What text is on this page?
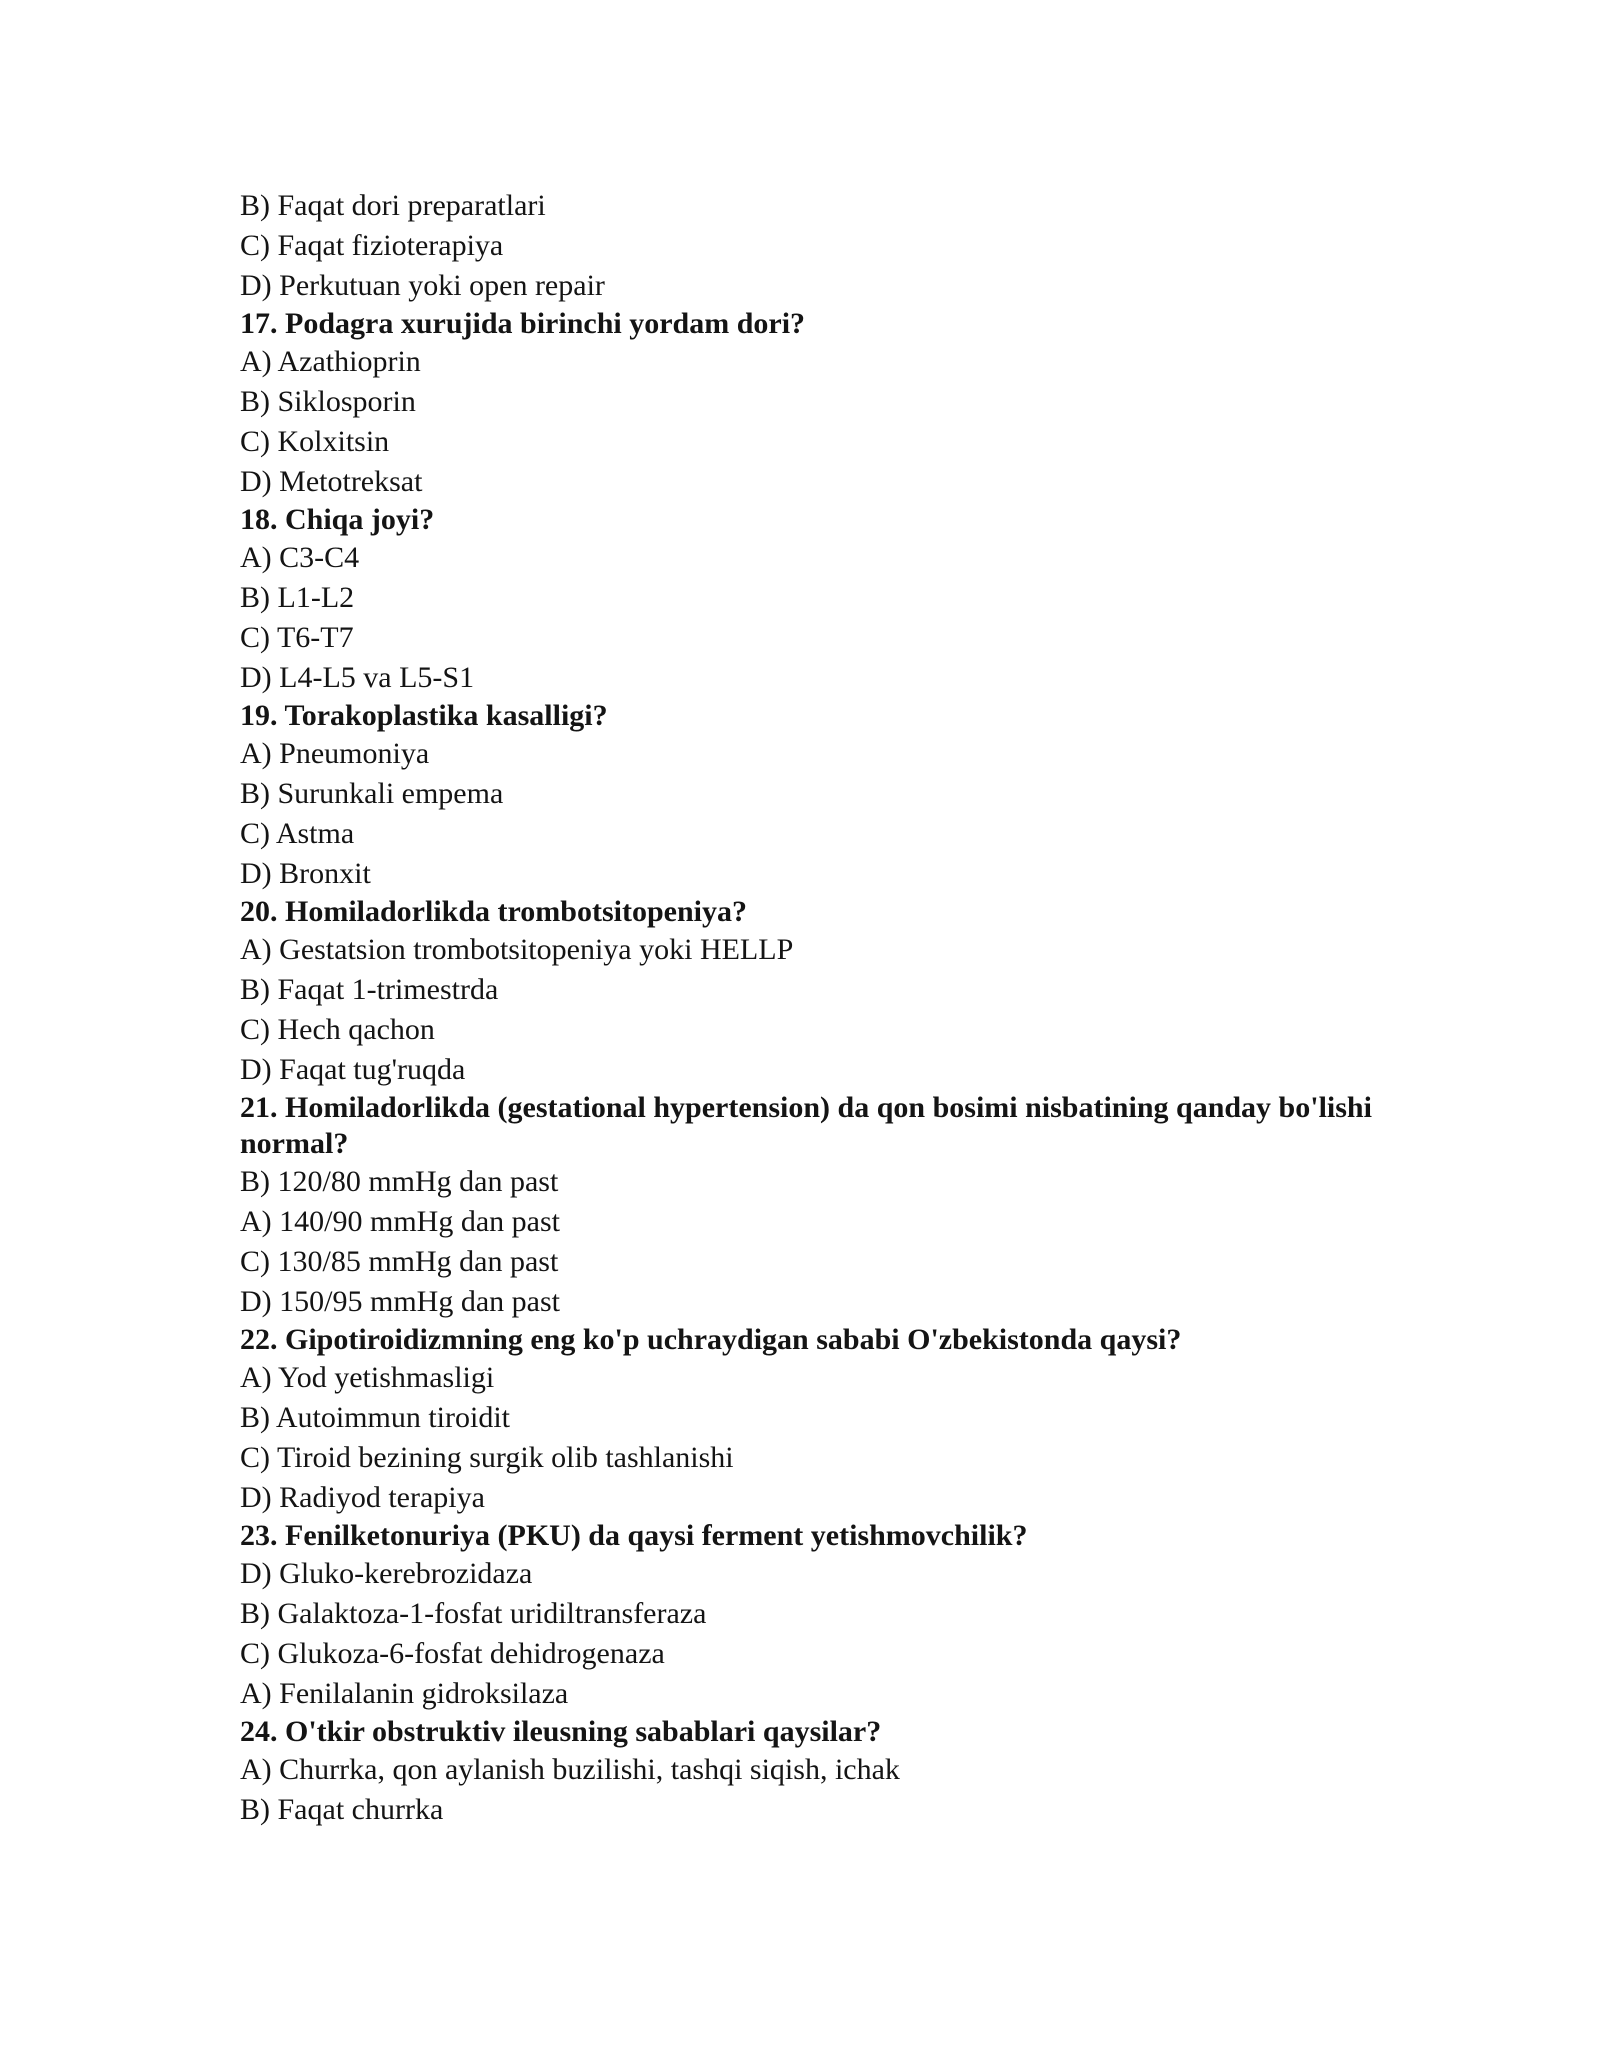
B) Faqat dori preparatlari
C) Faqat fizioterapiya
D) Perkutuan yoki open repair
17. Podagra xurujida birinchi yordam dori?
A) Azathioprin
B) Siklosporin
C) Kolxitsin
D) Metotreksat
18. Chiqa joyi?
A) C3-C4
B) L1-L2
C) T6-T7
D) L4-L5 va L5-S1
19. Torakoplastika kasalligi?
A) Pneumoniya
B) Surunkali empema
C) Astma
D) Bronxit
20. Homiladorlikda trombotsitopeniya?
A) Gestatsion trombotsitopeniya yoki HELLP
B) Faqat 1-trimestrda
C) Hech qachon
D) Faqat tug'ruqda
21. Homiladorlikda (gestational hypertension) da qon bosimi nisbatining qanday bo'lishi normal?
B) 120/80 mmHg dan past
A) 140/90 mmHg dan past
C) 130/85 mmHg dan past
D) 150/95 mmHg dan past
22. Gipotiroidizmning eng ko'p uchraydigan sababi O'zbekistonda qaysi?
A) Yod yetishmasligi
B) Autoimmun tiroidit
C) Tiroid bezining surgik olib tashlanishi
D) Radiyod terapiya
23. Fenilketonuriya (PKU) da qaysi ferment yetishmovchilik?
D) Gluko-kerebrozidaza
B) Galaktoza-1-fosfat uridiltransferaza
C) Glukoza-6-fosfat dehidrogenaza
A) Fenilalanin gidroksilaza
24. O'tkir obstruktiv ileusning sabablari qaysilar?
A) Churrka, qon aylanish buzilishi, tashqi siqish, ichak
B) Faqat churrka
